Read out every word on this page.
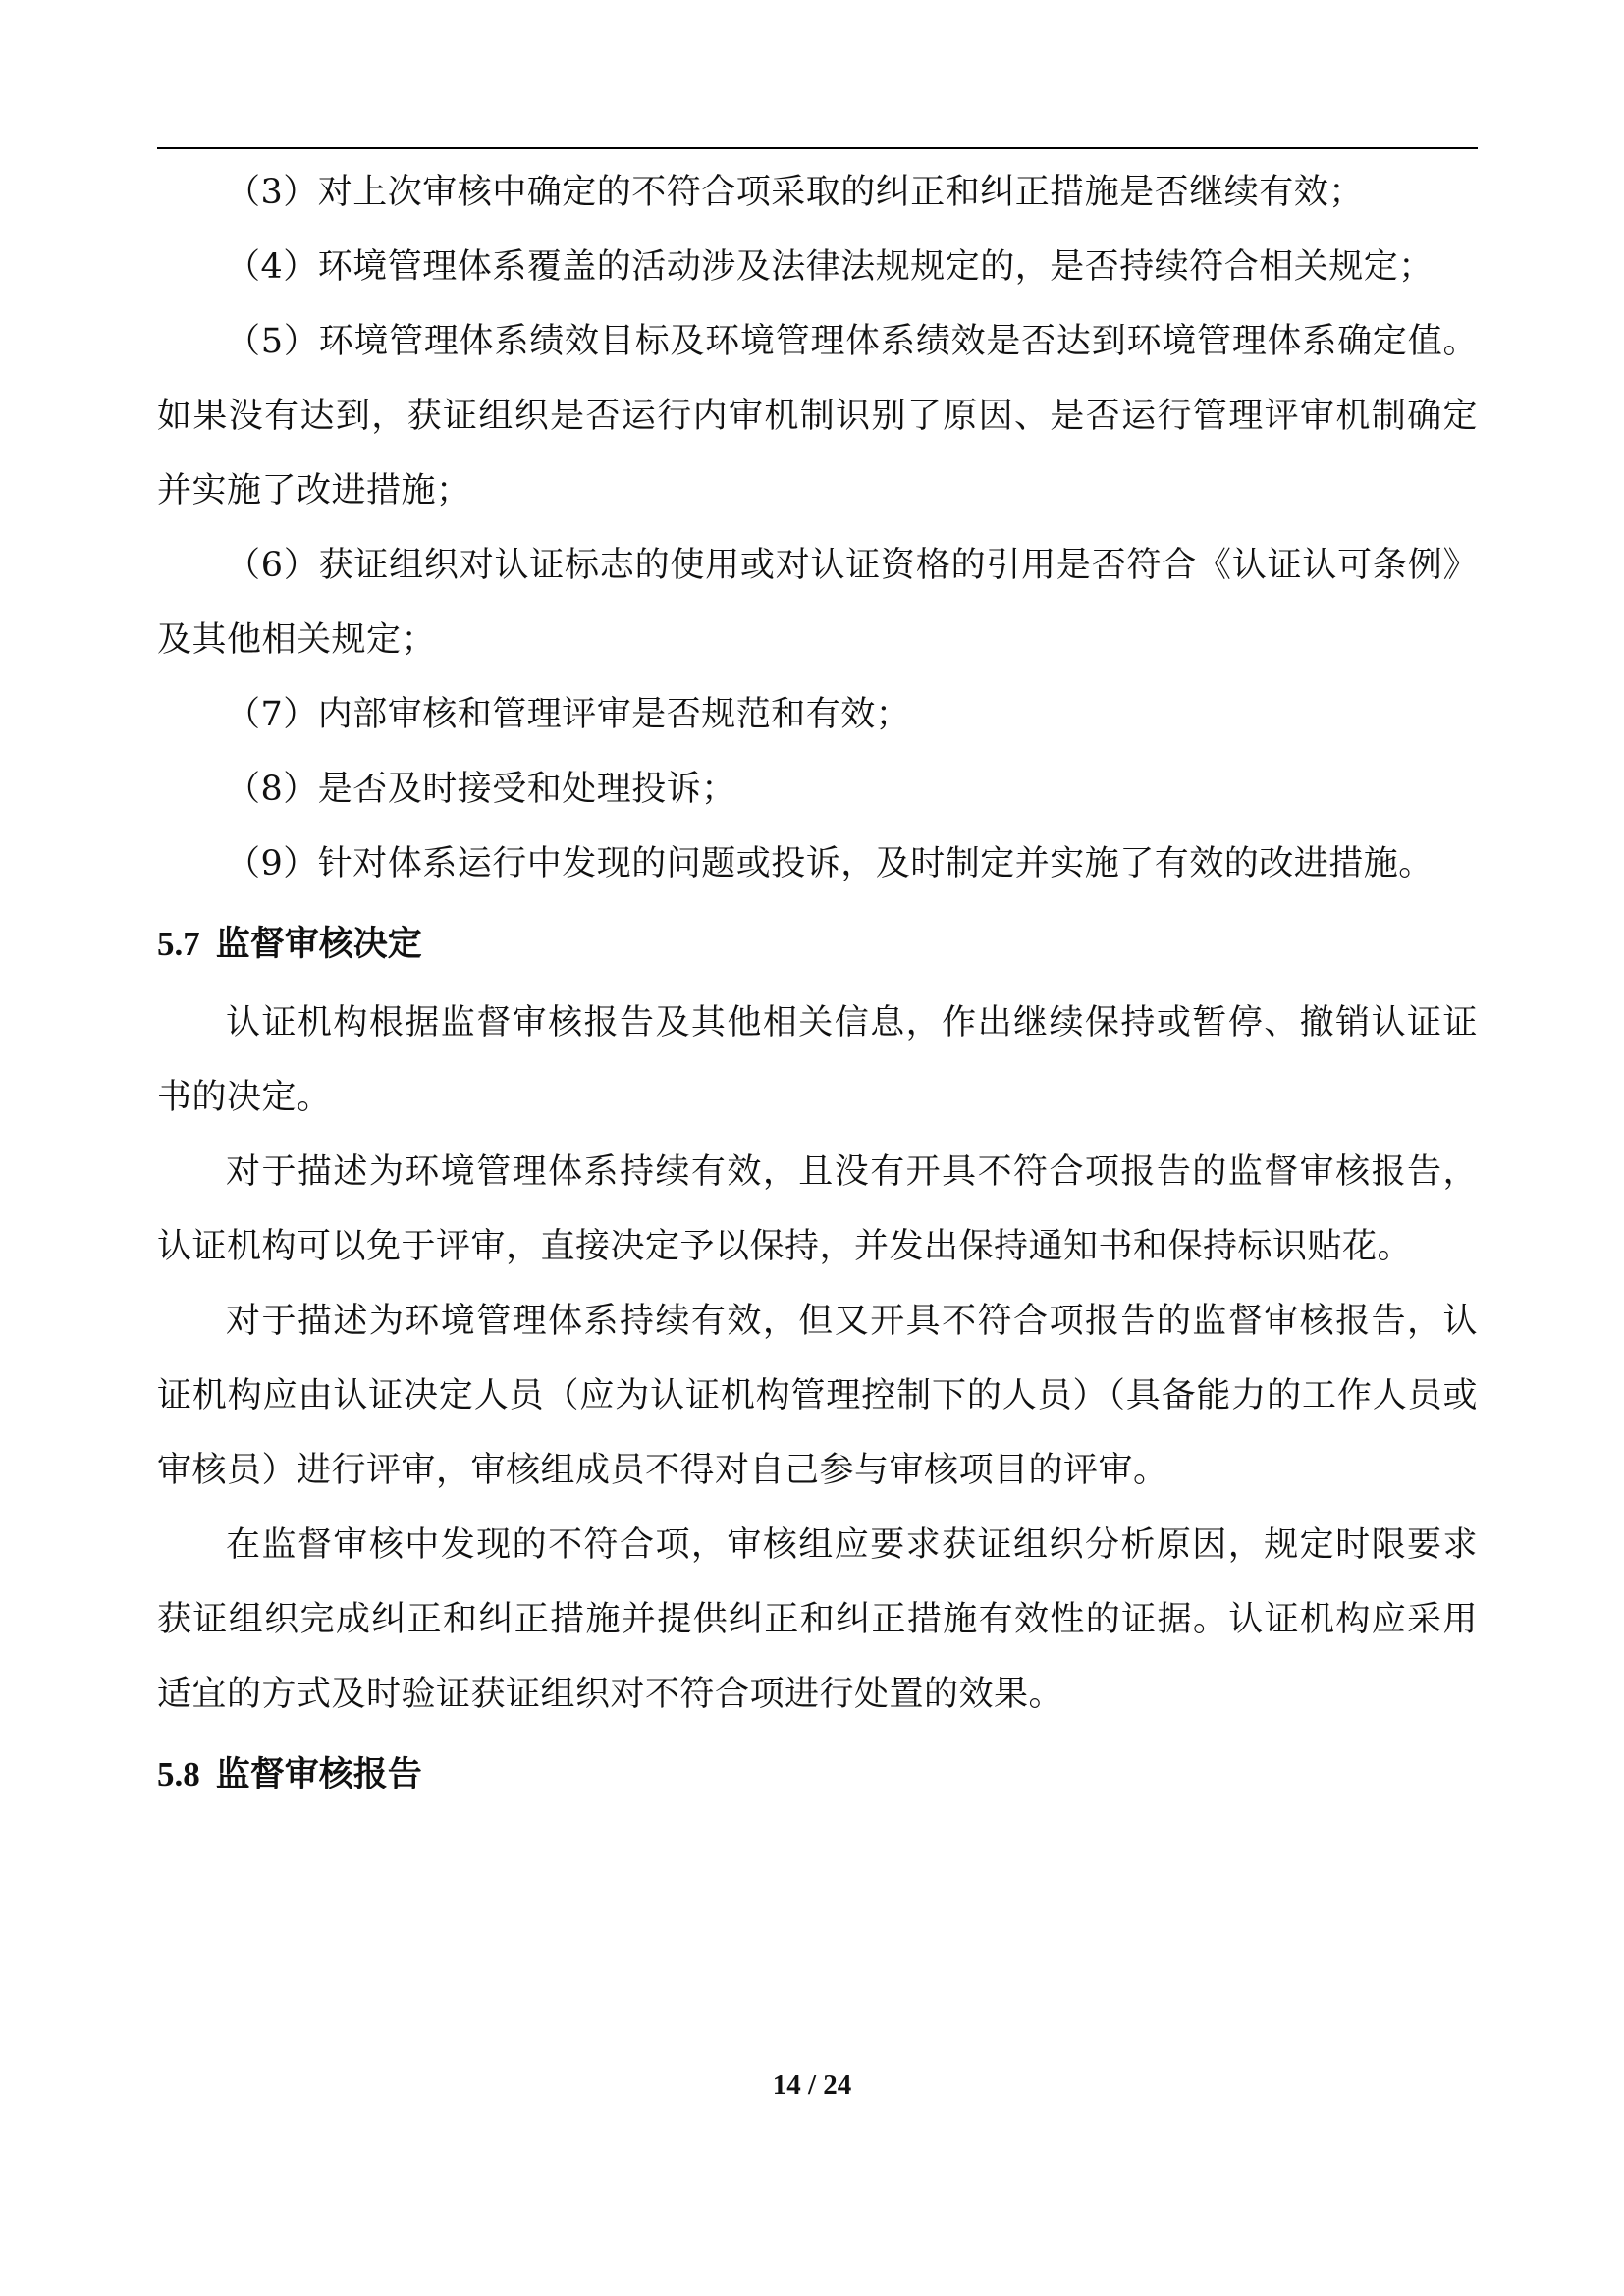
（3）对上次审核中确定的不符合项采取的纠正和纠正措施是否继续有效；

（4）环境管理体系覆盖的活动涉及法律法规规定的，是否持续符合相关规定；

（5）环境管理体系绩效目标及环境管理体系绩效是否达到环境管理体系确定值。如果没有达到，获证组织是否运行内审机制识别了原因、是否运行管理评审机制确定并实施了改进措施；

（6）获证组织对认证标志的使用或对认证资格的引用是否符合《认证认可条例》及其他相关规定；

（7）内部审核和管理评审是否规范和有效；

（8）是否及时接受和处理投诉；

（9）针对体系运行中发现的问题或投诉，及时制定并实施了有效的改进措施。

5.7 监督审核决定

认证机构根据监督审核报告及其他相关信息，作出继续保持或暂停、撤销认证证书的决定。

对于描述为环境管理体系持续有效，且没有开具不符合项报告的监督审核报告，认证机构可以免于评审，直接决定予以保持，并发出保持通知书和保持标识贴花。

对于描述为环境管理体系持续有效，但又开具不符合项报告的监督审核报告，认证机构应由认证决定人员（应为认证机构管理控制下的人员）（具备能力的工作人员或审核员）进行评审，审核组成员不得对自己参与审核项目的评审。

在监督审核中发现的不符合项，审核组应要求获证组织分析原因，规定时限要求获证组织完成纠正和纠正措施并提供纠正和纠正措施有效性的证据。认证机构应采用适宜的方式及时验证获证组织对不符合项进行处置的效果。

5.8 监督审核报告
14 / 24
